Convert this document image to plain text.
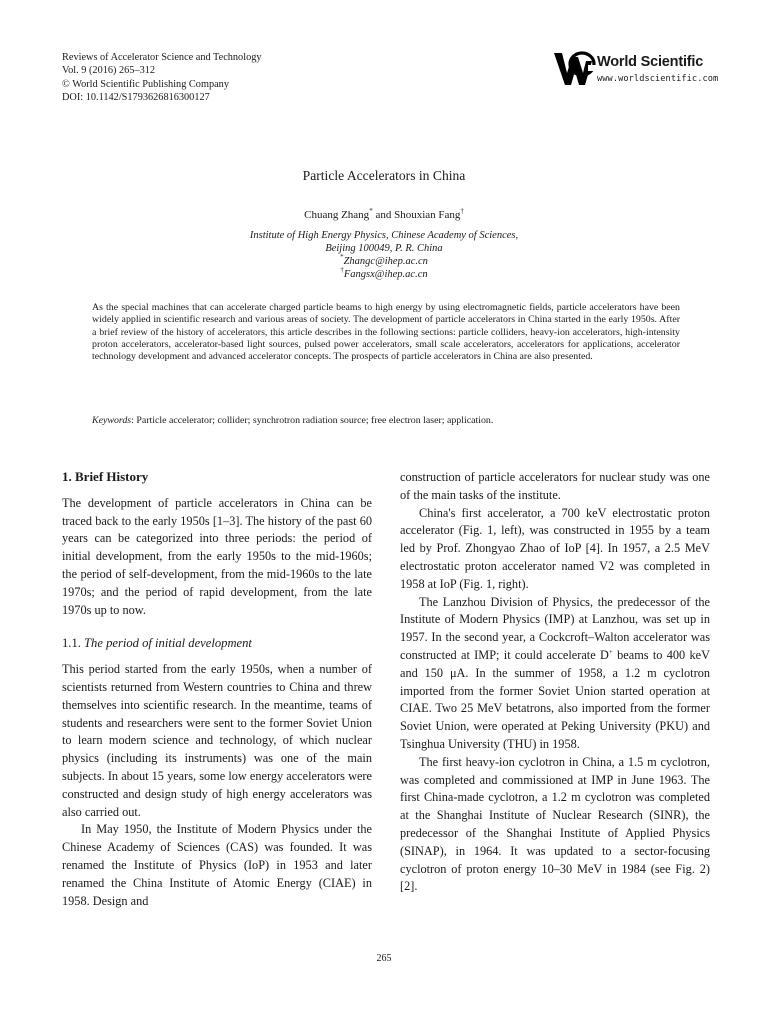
Reviews of Accelerator Science and Technology
Vol. 9 (2016) 265–312
© World Scientific Publishing Company
DOI: 10.1142/S1793626816300127
World Scientific
www.worldscientific.com
Particle Accelerators in China
Chuang Zhang* and Shouxian Fang†
Institute of High Energy Physics, Chinese Academy of Sciences,
Beijing 100049, P. R. China
*Zhangc@ihep.ac.cn
†Fangsx@ihep.ac.cn
As the special machines that can accelerate charged particle beams to high energy by using electromagnetic fields, particle accelerators have been widely applied in scientific research and various areas of society. The development of particle accelerators in China started in the early 1950s. After a brief review of the history of accelerators, this article describes in the following sections: particle colliders, heavy-ion accelerators, high-intensity proton accelerators, accelerator-based light sources, pulsed power accelerators, small scale accelerators, accelerators for applications, accelerator technology development and advanced accelerator concepts. The prospects of particle accelerators in China are also presented.
Keywords: Particle accelerator; collider; synchrotron radiation source; free electron laser; application.
1. Brief History

The development of particle accelerators in China can be traced back to the early 1950s [1–3]. The history of the past 60 years can be categorized into three periods: the period of initial development, from the early 1950s to the mid-1960s; the period of self-development, from the mid-1960s to the late 1970s; and the period of rapid development, from the late 1970s up to now.

1.1. The period of initial development

This period started from the early 1950s, when a number of scientists returned from Western countries to China and threw themselves into scientific research. In the meantime, teams of students and researchers were sent to the former Soviet Union to learn modern science and technology, of which nuclear physics (including its instruments) was one of the main subjects. In about 15 years, some low energy accelerators were constructed and design study of high energy accelerators was also carried out.

In May 1950, the Institute of Modern Physics under the Chinese Academy of Sciences (CAS) was founded. It was renamed the Institute of Physics (IoP) in 1953 and later renamed the China Institute of Atomic Energy (CIAE) in 1958. Design and

construction of particle accelerators for nuclear study was one of the main tasks of the institute.

China's first accelerator, a 700 keV electrostatic proton accelerator (Fig. 1, left), was constructed in 1955 by a team led by Prof. Zhongyao Zhao of IoP [4]. In 1957, a 2.5 MeV electrostatic proton accelerator named V2 was completed in 1958 at IoP (Fig. 1, right).

The Lanzhou Division of Physics, the predecessor of the Institute of Modern Physics (IMP) at Lanzhou, was set up in 1957. In the second year, a Cockcroft–Walton accelerator was constructed at IMP; it could accelerate D+ beams to 400 keV and 150 μA. In the summer of 1958, a 1.2 m cyclotron imported from the former Soviet Union started operation at CIAE. Two 25 MeV betatrons, also imported from the former Soviet Union, were operated at Peking University (PKU) and Tsinghua University (THU) in 1958.

The first heavy-ion cyclotron in China, a 1.5 m cyclotron, was completed and commissioned at IMP in June 1963. The first China-made cyclotron, a 1.2 m cyclotron was completed at the Shanghai Institute of Nuclear Research (SINR), the predecessor of the Shanghai Institute of Applied Physics (SINAP), in 1964. It was updated to a sector-focusing cyclotron of proton energy 10–30 MeV in 1984 (see Fig. 2) [2].

265
